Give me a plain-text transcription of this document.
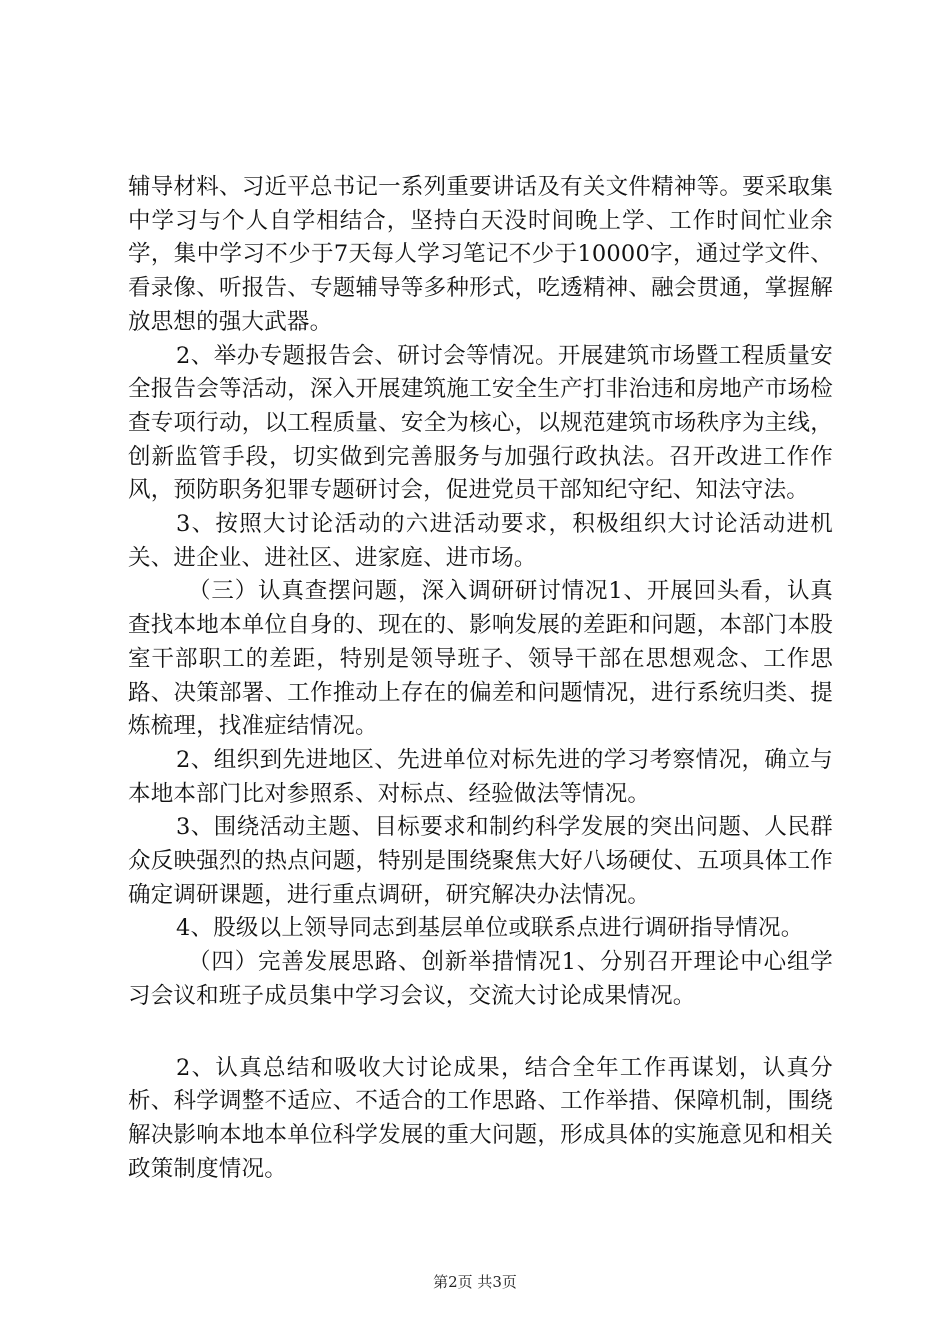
辅导材料、习近平总书记一系列重要讲话及有关文件精神等。要采取集中学习与个人自学相结合，坚持白天没时间晚上学、工作时间忙业余学，集中学习不少于7天每人学习笔记不少于10000字，通过学文件、看录像、听报告、专题辅导等多种形式，吃透精神、融会贯通，掌握解放思想的强大武器。

2、举办专题报告会、研讨会等情况。开展建筑市场暨工程质量安全报告会等活动，深入开展建筑施工安全生产打非治违和房地产市场检查专项行动，以工程质量、安全为核心，以规范建筑市场秩序为主线，创新监管手段，切实做到完善服务与加强行政执法。召开改进工作作风，预防职务犯罪专题研讨会，促进党员干部知纪守纪、知法守法。

3、按照大讨论活动的六进活动要求，积极组织大讨论活动进机关、进企业、进社区、进家庭、进市场。

（三）认真查摆问题，深入调研研讨情况1、开展回头看，认真查找本地本单位自身的、现在的、影响发展的差距和问题，本部门本股室干部职工的差距，特别是领导班子、领导干部在思想观念、工作思路、决策部署、工作推动上存在的偏差和问题情况，进行系统归类、提炼梳理，找准症结情况。

2、组织到先进地区、先进单位对标先进的学习考察情况，确立与本地本部门比对参照系、对标点、经验做法等情况。

3、围绕活动主题、目标要求和制约科学发展的突出问题、人民群众反映强烈的热点问题，特别是围绕聚焦大好八场硬仗、五项具体工作确定调研课题，进行重点调研，研究解决办法情况。

4、股级以上领导同志到基层单位或联系点进行调研指导情况。

（四）完善发展思路、创新举措情况1、分别召开理论中心组学习会议和班子成员集中学习会议，交流大讨论成果情况。

2、认真总结和吸收大讨论成果，结合全年工作再谋划，认真分析、科学调整不适应、不适合的工作思路、工作举措、保障机制，围绕解决影响本地本单位科学发展的重大问题，形成具体的实施意见和相关政策制度情况。

第2页 共3页
